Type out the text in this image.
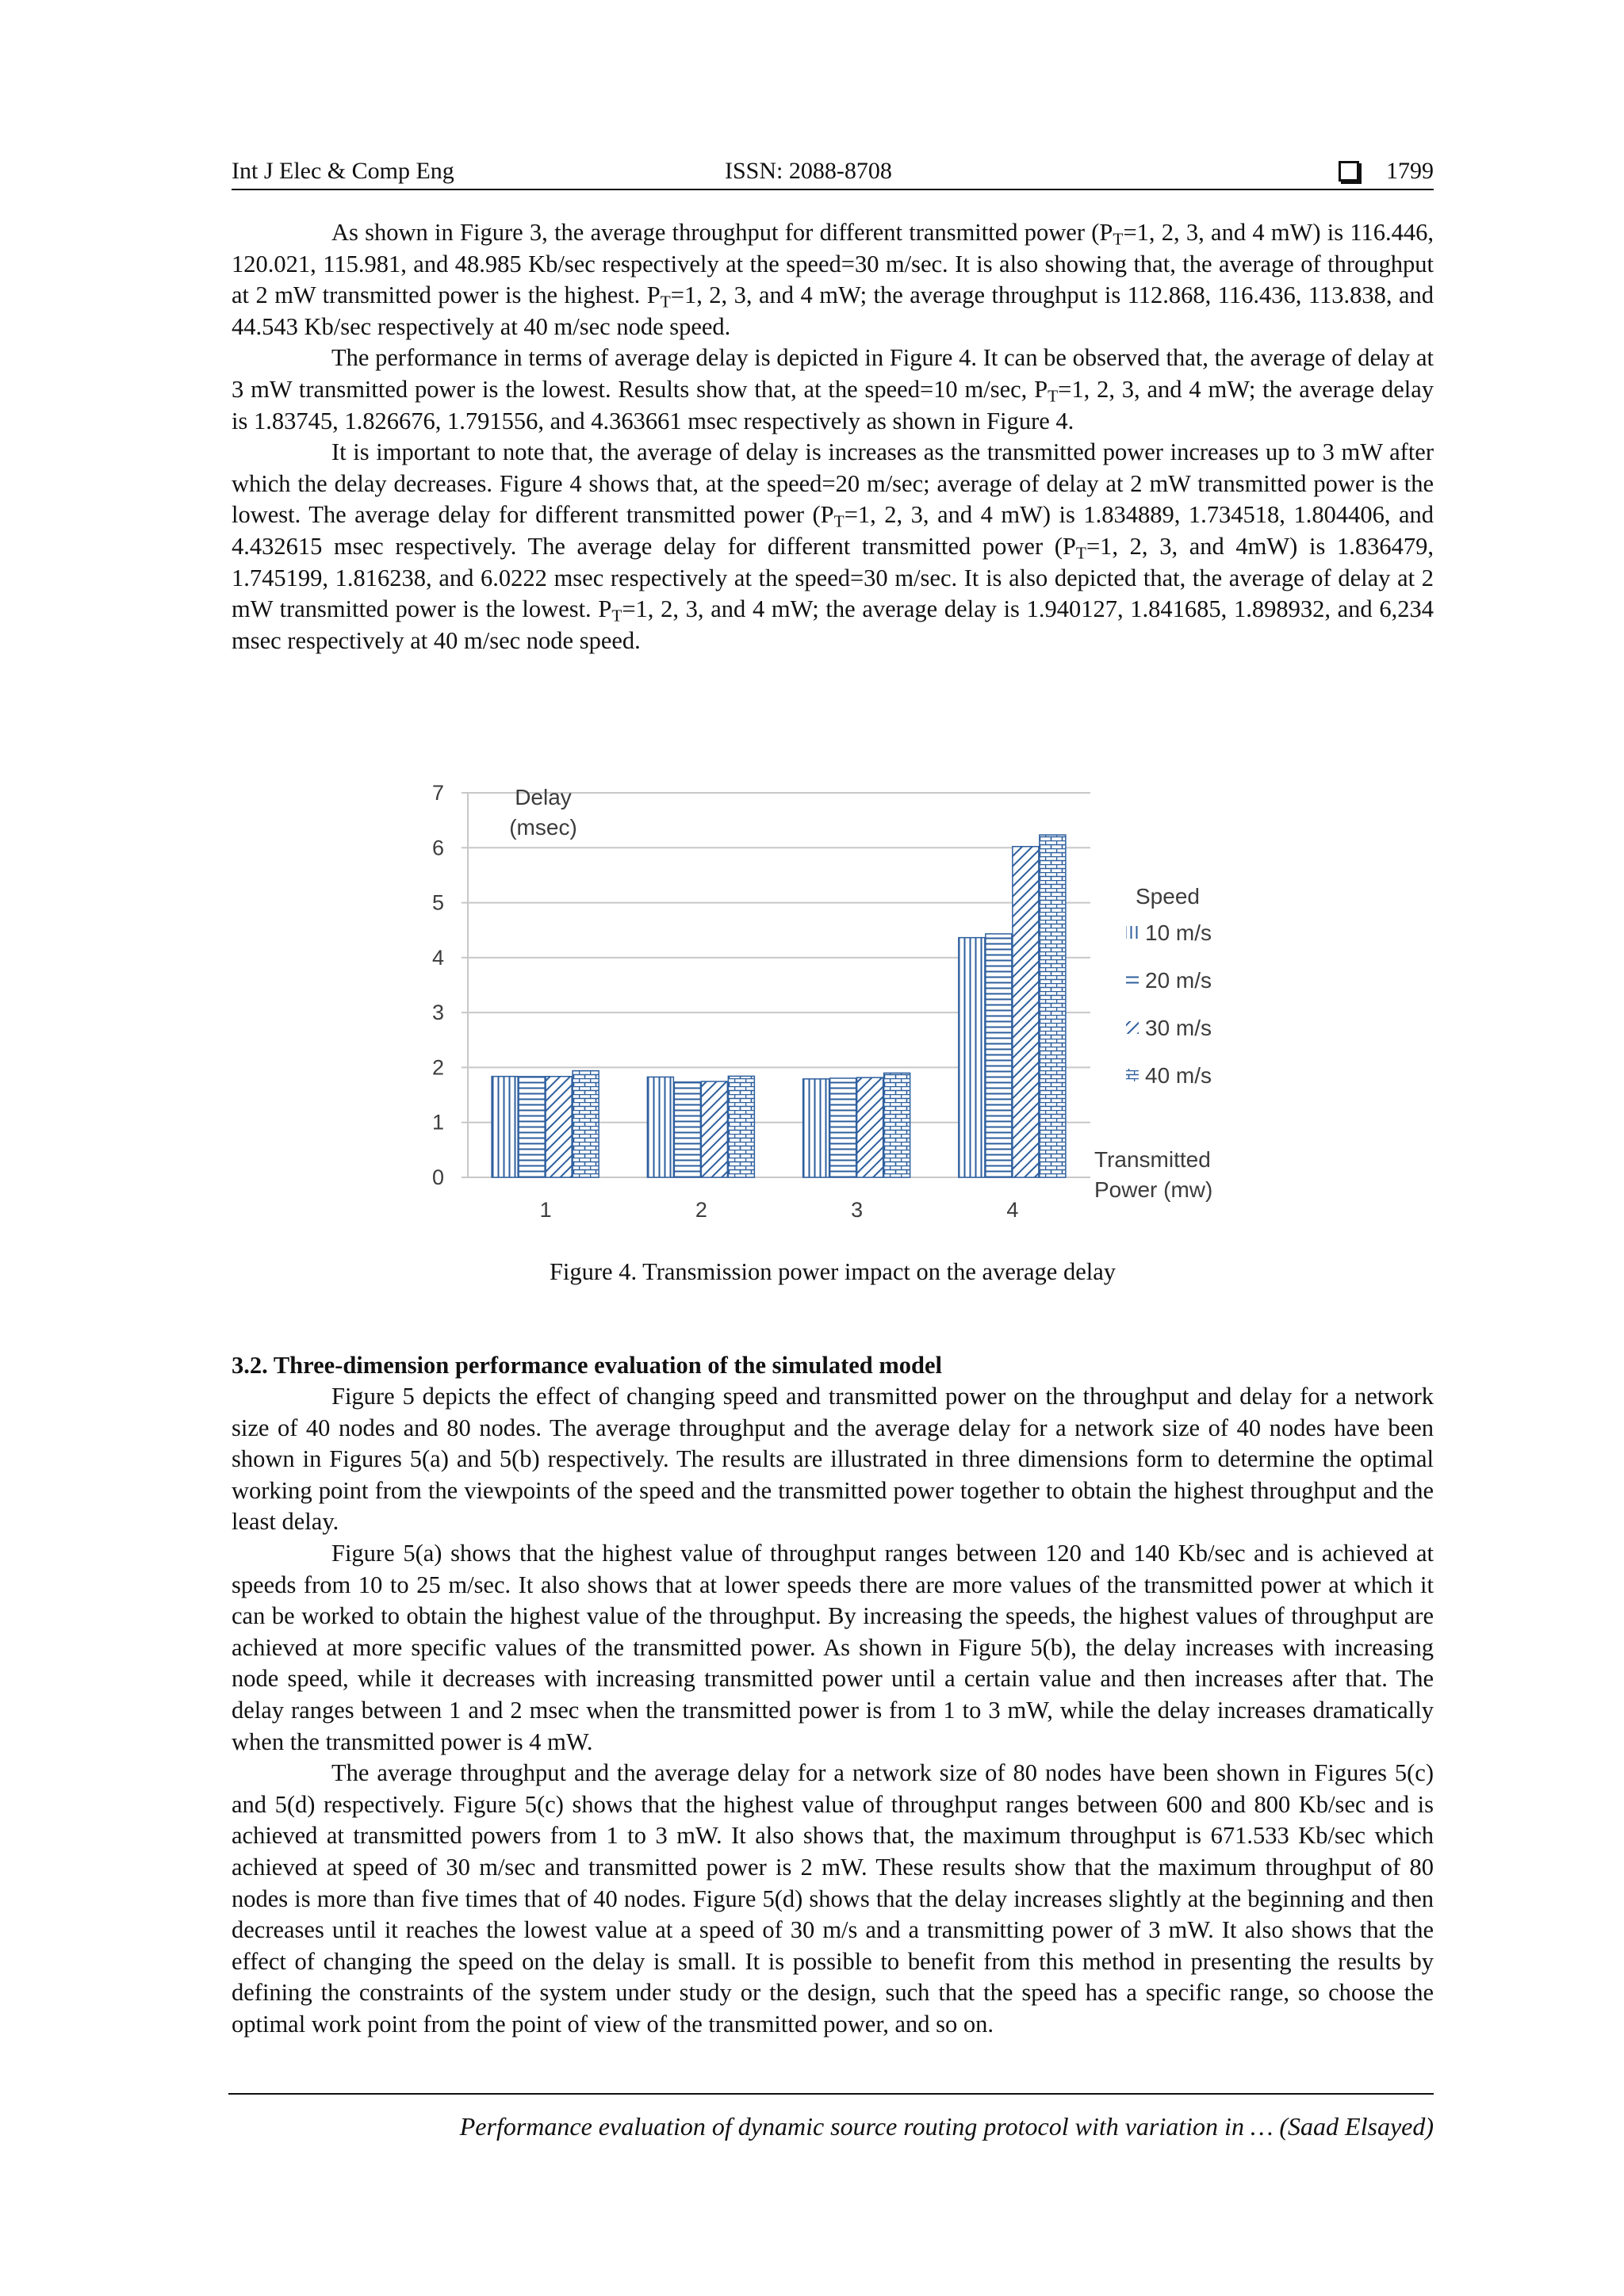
Int J Elec & Comp Eng	ISSN: 2088-8708	1799

As shown in Figure 3, the average throughput for different transmitted power ($P_T=1$, 2, 3, and 4 mW) is 116.446, 120.021, 115.981, and 48.985 Kb/sec respectively at the speed=30 m/sec. It is also showing that, the average of throughput at 2 mW transmitted power is the highest. $P_T=1$, 2, 3, and 4 mW; the average throughput is 112.868, 116.436, 113.838, and 44.543 Kb/sec respectively at 40 m/sec node speed.

The performance in terms of average delay is depicted in Figure 4. It can be observed that, the average of delay at 3 mW transmitted power is the lowest. Results show that, at the speed=10 m/sec, $P_T=1$, 2, 3, and 4 mW; the average delay is 1.83745, 1.826676, 1.791556, and 4.363661 msec respectively as shown in Figure 4.

It is important to note that, the average of delay is increases as the transmitted power increases up to 3 mW after which the delay decreases. Figure 4 shows that, at the speed=20 m/sec; average of delay at 2 mW transmitted power is the lowest. The average delay for different transmitted power ($P_T=1$, 2, 3, and 4 mW) is 1.834889, 1.734518, 1.804406, and 4.432615 msec respectively. The average delay for different transmitted power ($P_T=1$, 2, 3, and 4mW) is 1.836479, 1.745199, 1.816238, and 6.0222 msec respectively at the speed=30 m/sec. It is also depicted that, the average of delay at 2 mW transmitted power is the lowest. $P_T=1$, 2, 3, and 4 mW; the average delay is 1.940127, 1.841685, 1.898932, and 6,234 msec respectively at 40 m/sec node speed.

0
1
2
3
4
5
6
7
1	2	3	4
Delay
(msec)
Transmitted
Power (mw)
Speed
10 m/s
20 m/s
30 m/s
40 m/s
Figure 4. Transmission power impact on the average delay
3.2. Three-dimension performance evaluation of the simulated model

Figure 5 depicts the effect of changing speed and transmitted power on the throughput and delay for a network size of 40 nodes and 80 nodes. The average throughput and the average delay for a network size of 40 nodes have been shown in Figures 5(a) and 5(b) respectively. The results are illustrated in three dimensions form to determine the optimal working point from the viewpoints of the speed and the transmitted power together to obtain the highest throughput and the least delay.

Figure 5(a) shows that the highest value of throughput ranges between 120 and 140 Kb/sec and is achieved at speeds from 10 to 25 m/sec. It also shows that at lower speeds there are more values of the transmitted power at which it can be worked to obtain the highest value of the throughput. By increasing the speeds, the highest values of throughput are achieved at more specific values of the transmitted power. As shown in Figure 5(b), the delay increases with increasing node speed, while it decreases with increasing transmitted power until a certain value and then increases after that. The delay ranges between 1 and 2 msec when the transmitted power is from 1 to 3 mW, while the delay increases dramatically when the transmitted power is 4 mW.

The average throughput and the average delay for a network size of 80 nodes have been shown in Figures 5(c) and 5(d) respectively. Figure 5(c) shows that the highest value of throughput ranges between 600 and 800 Kb/sec and is achieved at transmitted powers from 1 to 3 mW. It also shows that, the maximum throughput is 671.533 Kb/sec which achieved at speed of 30 m/sec and transmitted power is 2 mW. These results show that the maximum throughput of 80 nodes is more than five times that of 40 nodes. Figure 5(d) shows that the delay increases slightly at the beginning and then decreases until it reaches the lowest value at a speed of 30 m/s and a transmitting power of 3 mW. It also shows that the effect of changing the speed on the delay is small. It is possible to benefit from this method in presenting the results by defining the constraints of the system under study or the design, such that the speed has a specific range, so choose the optimal work point from the point of view of the transmitted power, and so on.

Performance evaluation of dynamic source routing protocol with variation in … (Saad Elsayed)
